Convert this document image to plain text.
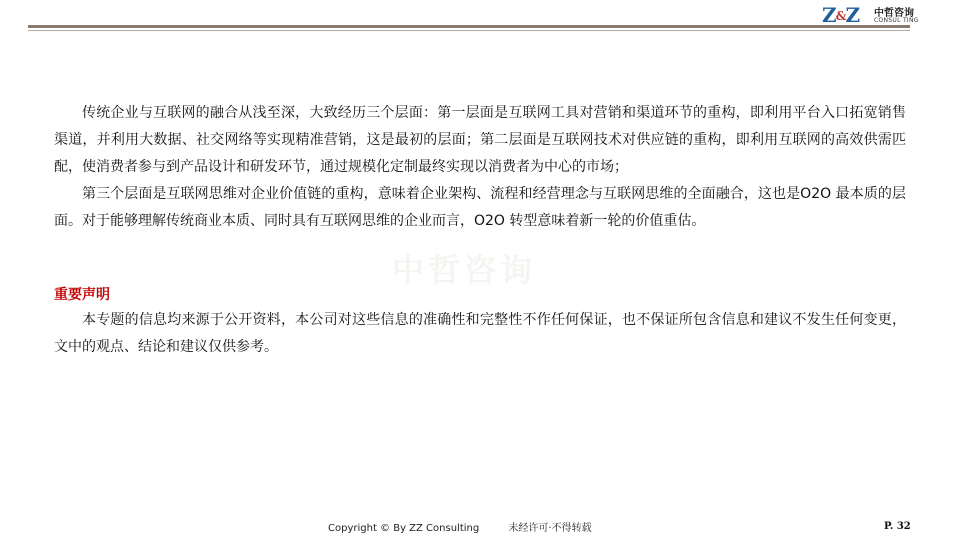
Z&Z 中哲咨询
CONSUL TING
中哲咨询

传统企业与互联网的融合从浅至深，大致经历三个层面：第一层面是互联网工具对营销和渠道环节的重构，即利用平台入口拓宽销售渠道，并利用大数据、社交网络等实现精准营销，这是最初的层面；第二层面是互联网技术对供应链的重构，即利用互联网的高效供需匹配，使消费者参与到产品设计和研发环节，通过规模化定制最终实现以消费者为中心的市场；

第三个层面是互联网思维对企业价值链的重构，意味着企业架构、流程和经营理念与互联网思维的全面融合，这也是O2O 最本质的层面。对于能够理解传统商业本质、同时具有互联网思维的企业而言，O2O 转型意味着新一轮的价值重估。

重要声明

本专题的信息均来源于公开资料，本公司对这些信息的准确性和完整性不作任何保证，也不保证所包含信息和建议不发生任何变更，文中的观点、结论和建议仅供参考。

Copyright © By ZZ Consulting	未经许可·不得转载	P. 32
